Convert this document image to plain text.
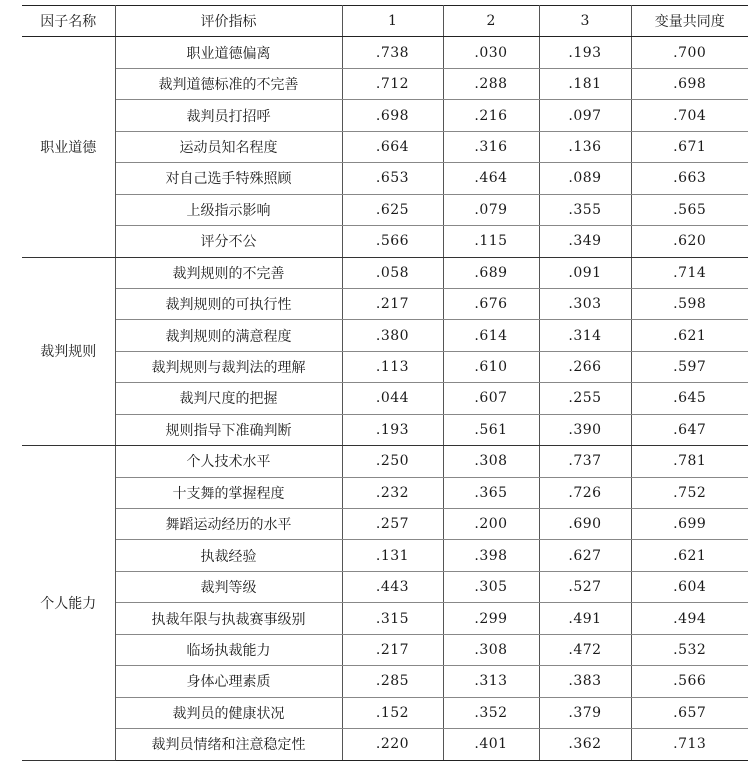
因子名称	评价指标	1	2	3	变量共同度
职业道德	职业道德偏离	.738	.030	.193	.700
	裁判道德标准的不完善	.712	.288	.181	.698
	裁判员打招呼	.698	.216	.097	.704
	运动员知名程度	.664	.316	.136	.671
	对自己选手特殊照顾	.653	.464	.089	.663
	上级指示影响	.625	.079	.355	.565
	评分不公	.566	.115	.349	.620
裁判规则	裁判规则的不完善	.058	.689	.091	.714
	裁判规则的可执行性	.217	.676	.303	.598
	裁判规则的满意程度	.380	.614	.314	.621
	裁判规则与裁判法的理解	.113	.610	.266	.597
	裁判尺度的把握	.044	.607	.255	.645
	规则指导下准确判断	.193	.561	.390	.647
个人能力	个人技术水平	.250	.308	.737	.781
	十支舞的掌握程度	.232	.365	.726	.752
	舞蹈运动经历的水平	.257	.200	.690	.699
	执裁经验	.131	.398	.627	.621
	裁判等级	.443	.305	.527	.604
	执裁年限与执裁赛事级别	.315	.299	.491	.494
	临场执裁能力	.217	.308	.472	.532
	身体心理素质	.285	.313	.383	.566
	裁判员的健康状况	.152	.352	.379	.657
	裁判员情绪和注意稳定性	.220	.401	.362	.713
